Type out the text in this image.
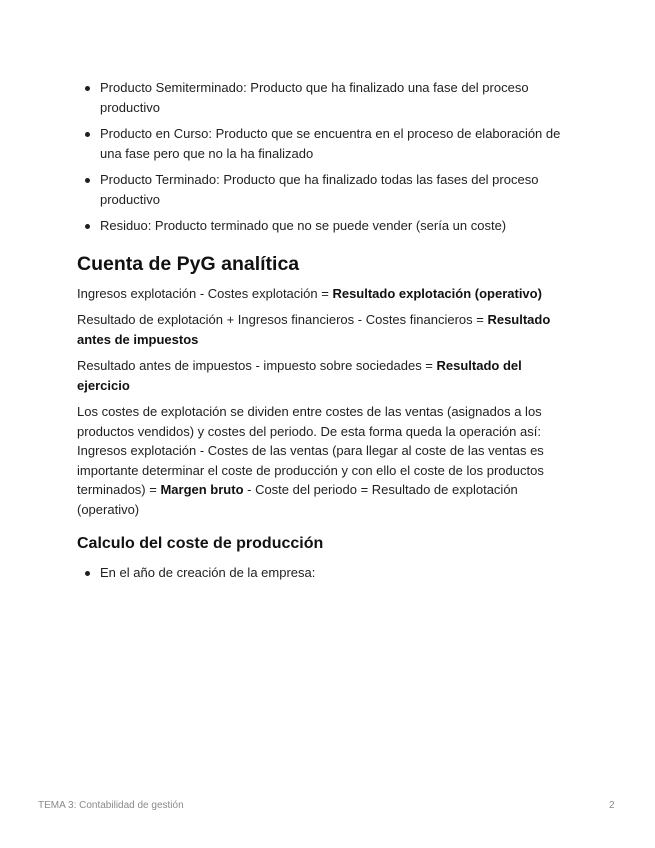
Producto Semiterminado: Producto que ha finalizado una fase del proceso productivo
Producto en Curso: Producto que se encuentra en el proceso de elaboración de una fase pero que no la ha finalizado
Producto Terminado: Producto que ha finalizado todas las fases del proceso productivo
Residuo: Producto terminado que no se puede vender (sería un coste)
Cuenta de PyG analítica

Ingresos explotación - Costes explotación = Resultado explotación (operativo)

Resultado de explotación + Ingresos financieros - Costes financieros = Resultado antes de impuestos

Resultado antes de impuestos - impuesto sobre sociedades = Resultado del ejercicio

Los costes de explotación se dividen entre costes de las ventas (asignados a los productos vendidos) y costes del periodo. De esta forma queda la operación así: Ingresos explotación - Costes de las ventas (para llegar al coste de las ventas es importante determinar el coste de producción y con ello el coste de los productos terminados) = Margen bruto - Coste del periodo = Resultado de explotación (operativo)

Calculo del coste de producción
En el año de creación de la empresa:
TEMA 3: Contabilidad de gestión	2
